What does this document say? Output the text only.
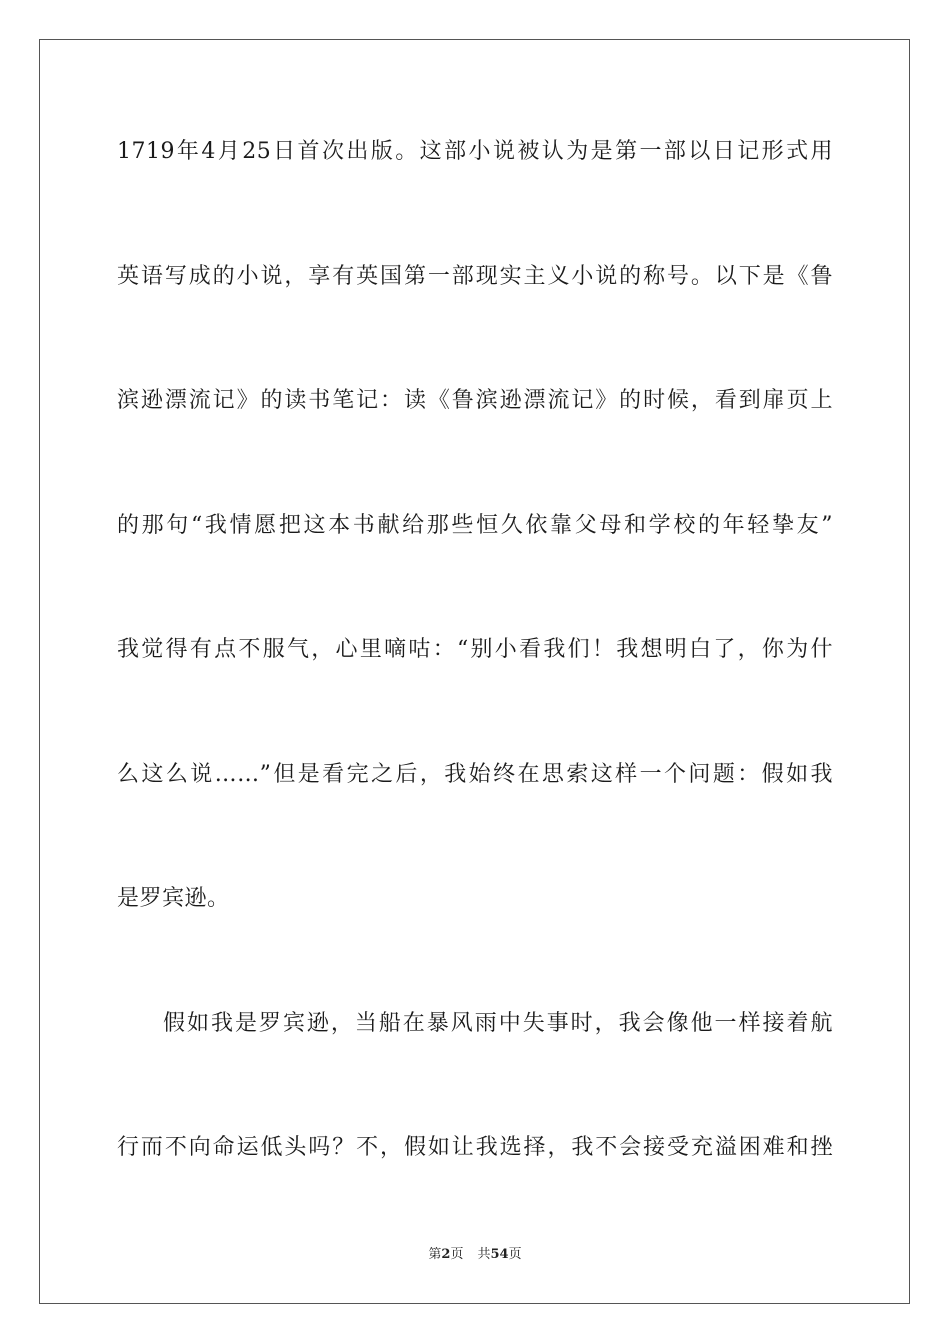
1719年4月25日首次出版。这部小说被认为是第一部以日记形式用
英语写成的小说，享有英国第一部现实主义小说的称号。以下是《鲁
滨逊漂流记》的读书笔记：读《鲁滨逊漂流记》的时候，看到扉页上
的那句“我情愿把这本书献给那些恒久依靠父母和学校的年轻挚友”
我觉得有点不服气，心里嘀咕：“别小看我们！我想明白了，你为什
么这么说……”但是看完之后，我始终在思索这样一个问题：假如我
是罗宾逊。
假如我是罗宾逊，当船在暴风雨中失事时，我会像他一样接着航
行而不向命运低头吗？不，假如让我选择，我不会接受充溢困难和挫
第2页 共54页
